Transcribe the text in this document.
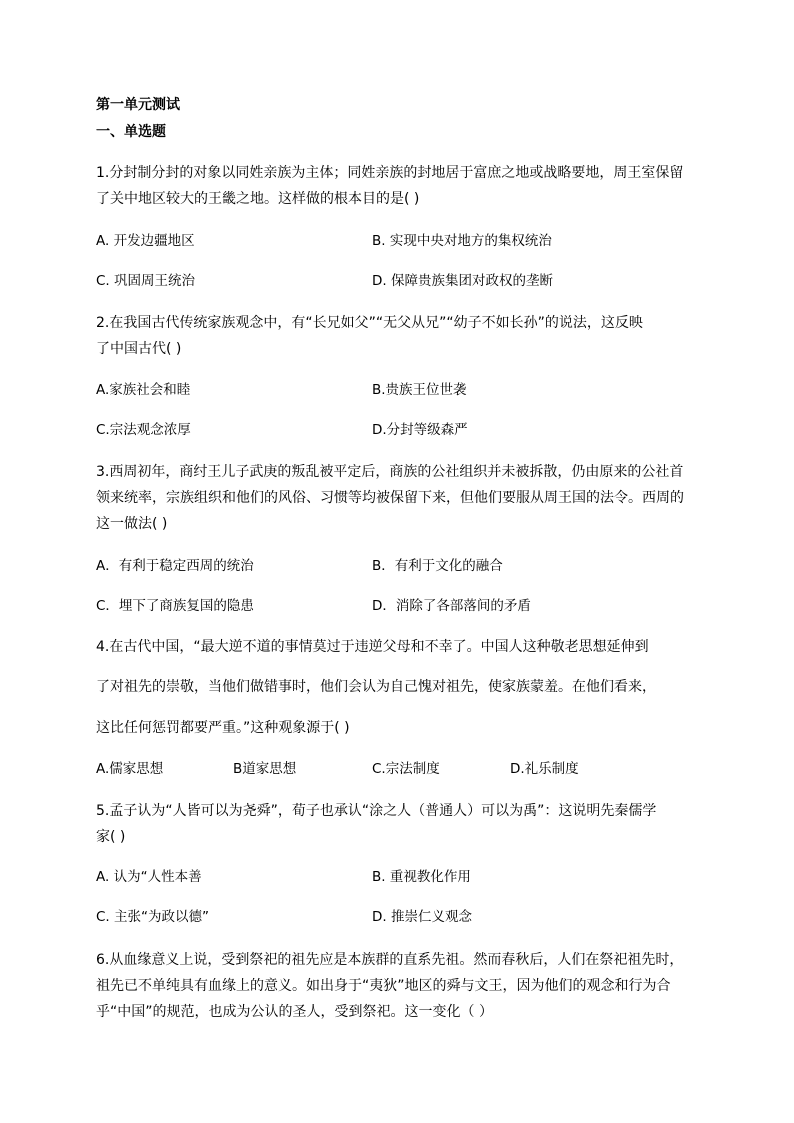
第一单元测试
一、单选题
1.分封制分封的对象以同姓亲族为主体；同姓亲族的封地居于富庶之地或战略要地，周王室保留
了关中地区较大的王畿之地。这样做的根本目的是( )
A. 开发边疆地区	B. 实现中央对地方的集权统治
C. 巩固周王统治	D. 保障贵族集团对政权的垄断
2.在我国古代传统家族观念中，有“长兄如父”“无父从兄”“幼子不如长孙”的说法，这反映
了中国古代( )
A.家族社会和睦	B.贵族王位世袭
C.宗法观念浓厚	D.分封等级森严
3.西周初年，商纣王儿子武庚的叛乱被平定后，商族的公社组织并未被拆散，仍由原来的公社首
领来统率，宗族组织和他们的风俗、习惯等均被保留下来，但他们要服从周王国的法令。西周的
这一做法( )
A．有利于稳定西周的统治	B．有利于文化的融合
C．埋下了商族复国的隐患	D．消除了各部落间的矛盾
4.在古代中国，“最大逆不道的事情莫过于违逆父母和不幸了。中国人这种敬老思想延伸到
了对祖先的崇敬，当他们做错事时，他们会认为自己愧对祖先，使家族蒙羞。在他们看来，
这比任何惩罚都要严重。”这种观象源于( )
A.儒家思想	B道家思想	C.宗法制度	D.礼乐制度
5.孟子认为“人皆可以为尧舜”，荀子也承认“涂之人（普通人）可以为禹”：这说明先秦儒学
家( )
A. 认为“人性本善	B. 重视教化作用
C. 主张“为政以德”	D. 推崇仁义观念
6.从血缘意义上说，受到祭祀的祖先应是本族群的直系先祖。然而春秋后，人们在祭祀祖先时，
祖先已不单纯具有血缘上的意义。如出身于“夷狄”地区的舜与文王，因为他们的观念和行为合
乎“中国”的规范，也成为公认的圣人，受到祭祀。这一变化（ ）
